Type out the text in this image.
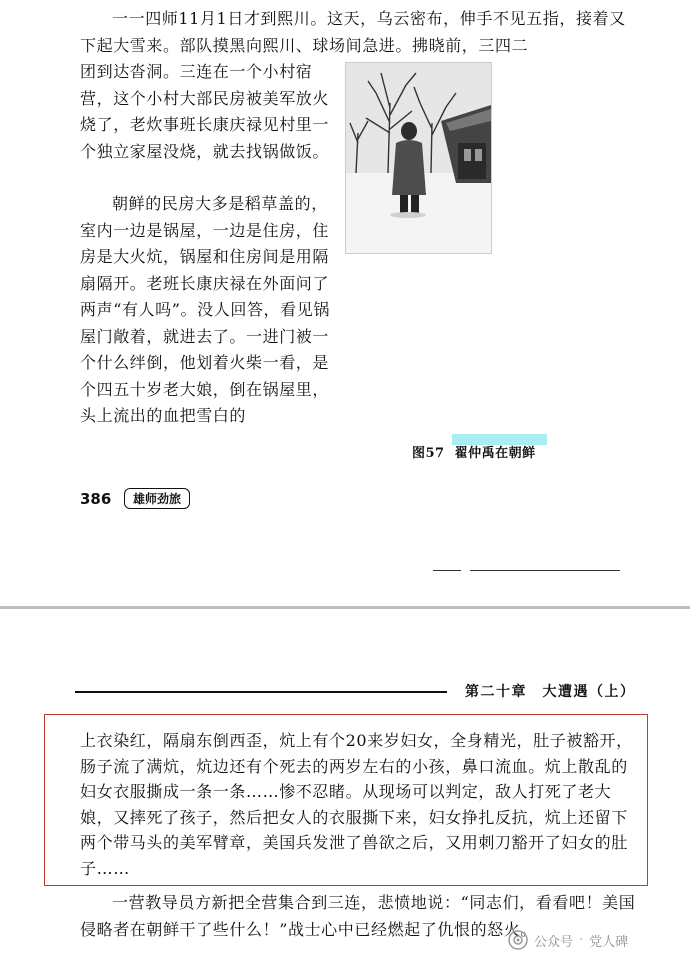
一一四师11月1日才到熙川。这天，乌云密布，伸手不见五指，接着又下起大雪来。部队摸黑向熙川、球场间急进。拂晓前，三四二

团到达沓洞。三连在一个小村宿营，这个小村大部民房被美军放火烧了，老炊事班长康庆禄见村里一个独立家屋没烧，就去找锅做饭。

朝鲜的民房大多是稻草盖的，室内一边是锅屋，一边是住房，住房是大火炕，锅屋和住房间是用隔扇隔开。老班长康庆禄在外面问了两声“有人吗”。没人回答，看见锅屋门敞着，就进去了。一进门被一个什么绊倒，他划着火柴一看，是个四五十岁老大娘，倒在锅屋里，头上流出的血把雪白的

图57 翟仲禹在朝鲜
386	雄师劲旅
第二十章　大遭遇（上）

上衣染红，隔扇东倒西歪，炕上有个20来岁妇女，全身精光，肚子被豁开，肠子流了满炕，炕边还有个死去的两岁左右的小孩，鼻口流血。炕上散乱的妇女衣服撕成一条一条……惨不忍睹。从现场可以判定，敌人打死了老大娘，又摔死了孩子，然后把女人的衣服撕下来，妇女挣扎反抗，炕上还留下两个带马头的美军臂章，美国兵发泄了兽欲之后，又用刺刀豁开了妇女的肚子……

一营教导员方新把全营集合到三连，悲愤地说：“同志们，看看吧！美国侵略者在朝鲜干了些什么！”战士心中已经燃起了仇恨的怒火。

公众号 · 党人碑
